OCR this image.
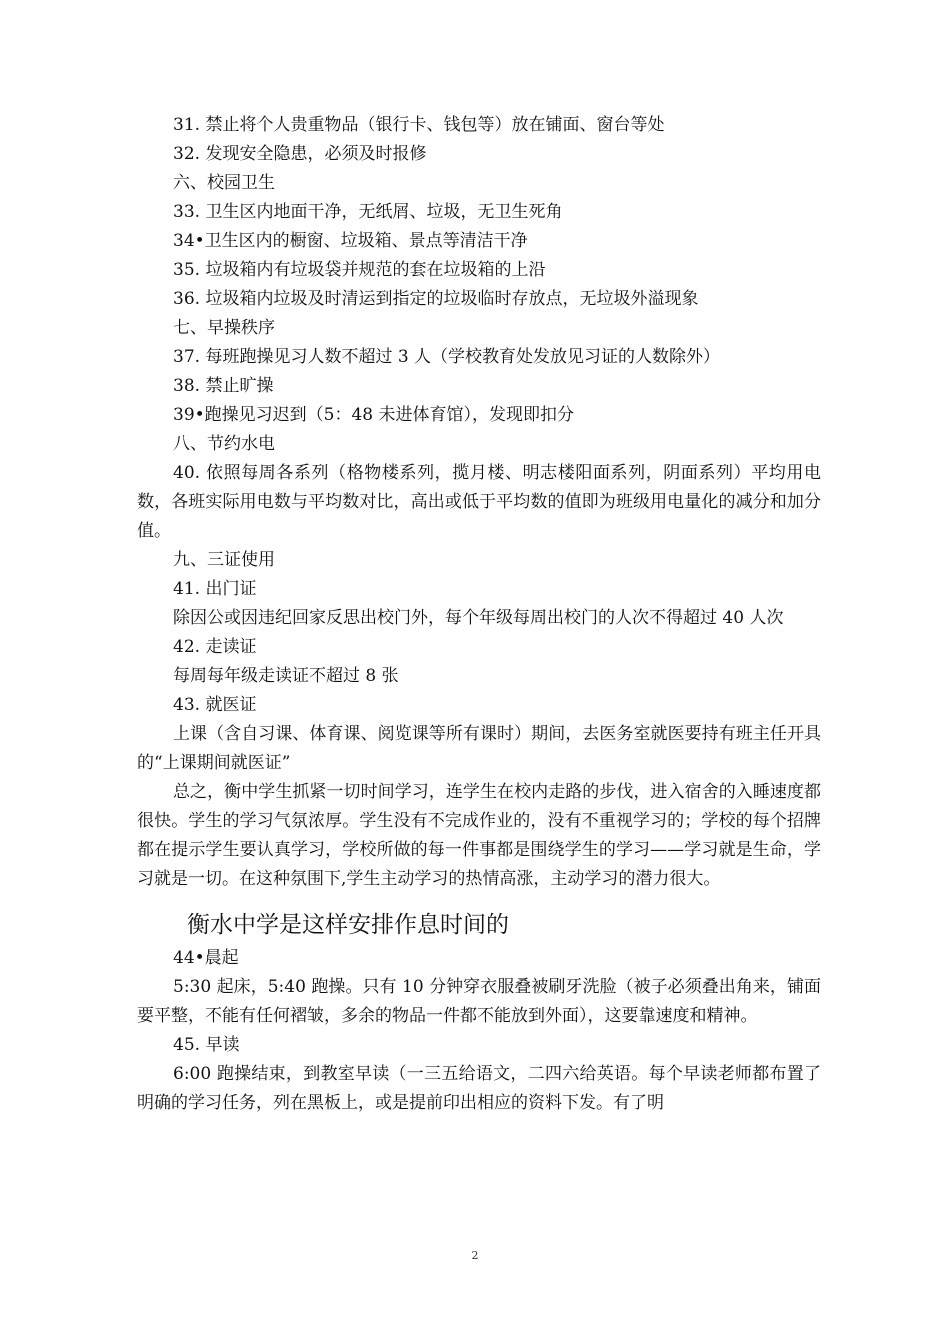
31. 禁止将个人贵重物品（银行卡、钱包等）放在铺面、窗台等处

32. 发现安全隐患，必须及时报修

六、校园卫生

33. 卫生区内地面干净，无纸屑、垃圾，无卫生死角

34•卫生区内的橱窗、垃圾箱、景点等清洁干净

35. 垃圾箱内有垃圾袋并规范的套在垃圾箱的上沿

36. 垃圾箱内垃圾及时清运到指定的垃圾临时存放点，无垃圾外溢现象

七、早操秩序

37. 每班跑操见习人数不超过 3 人（学校教育处发放见习证的人数除外）

38. 禁止旷操

39•跑操见习迟到（5：48 未进体育馆），发现即扣分

八、节约水电

40. 依照每周各系列（格物楼系列，揽月楼、明志楼阳面系列，阴面系列）平均用电数，各班实际用电数与平均数对比，高出或低于平均数的值即为班级用电量化的减分和加分值。

九、三证使用

41. 出门证

除因公或因违纪回家反思出校门外，每个年级每周出校门的人次不得超过 40 人次

42. 走读证

每周每年级走读证不超过 8 张

43. 就医证

上课（含自习课、体育课、阅览课等所有课时）期间，去医务室就医要持有班主任开具的“上课期间就医证”

总之，衡中学生抓紧一切时间学习，连学生在校内走路的步伐，进入宿舍的入睡速度都很快。学生的学习气氛浓厚。学生没有不完成作业的，没有不重视学习的；学校的每个招牌都在提示学生要认真学习，学校所做的每一件事都是围绕学生的学习——学习就是生命，学习就是一切。在这种氛围下,学生主动学习的热情高涨，主动学习的潜力很大。

衡水中学是这样安排作息时间的

44•晨起

5:30 起床，5:40 跑操。只有 10 分钟穿衣服叠被刷牙洗脸（被子必须叠出角来，铺面要平整，不能有任何褶皱，多余的物品一件都不能放到外面），这要靠速度和精神。

45. 早读

6:00 跑操结束，到教室早读（一三五给语文，二四六给英语。每个早读老师都布置了明确的学习任务，列在黑板上，或是提前印出相应的资料下发。有了明

2
